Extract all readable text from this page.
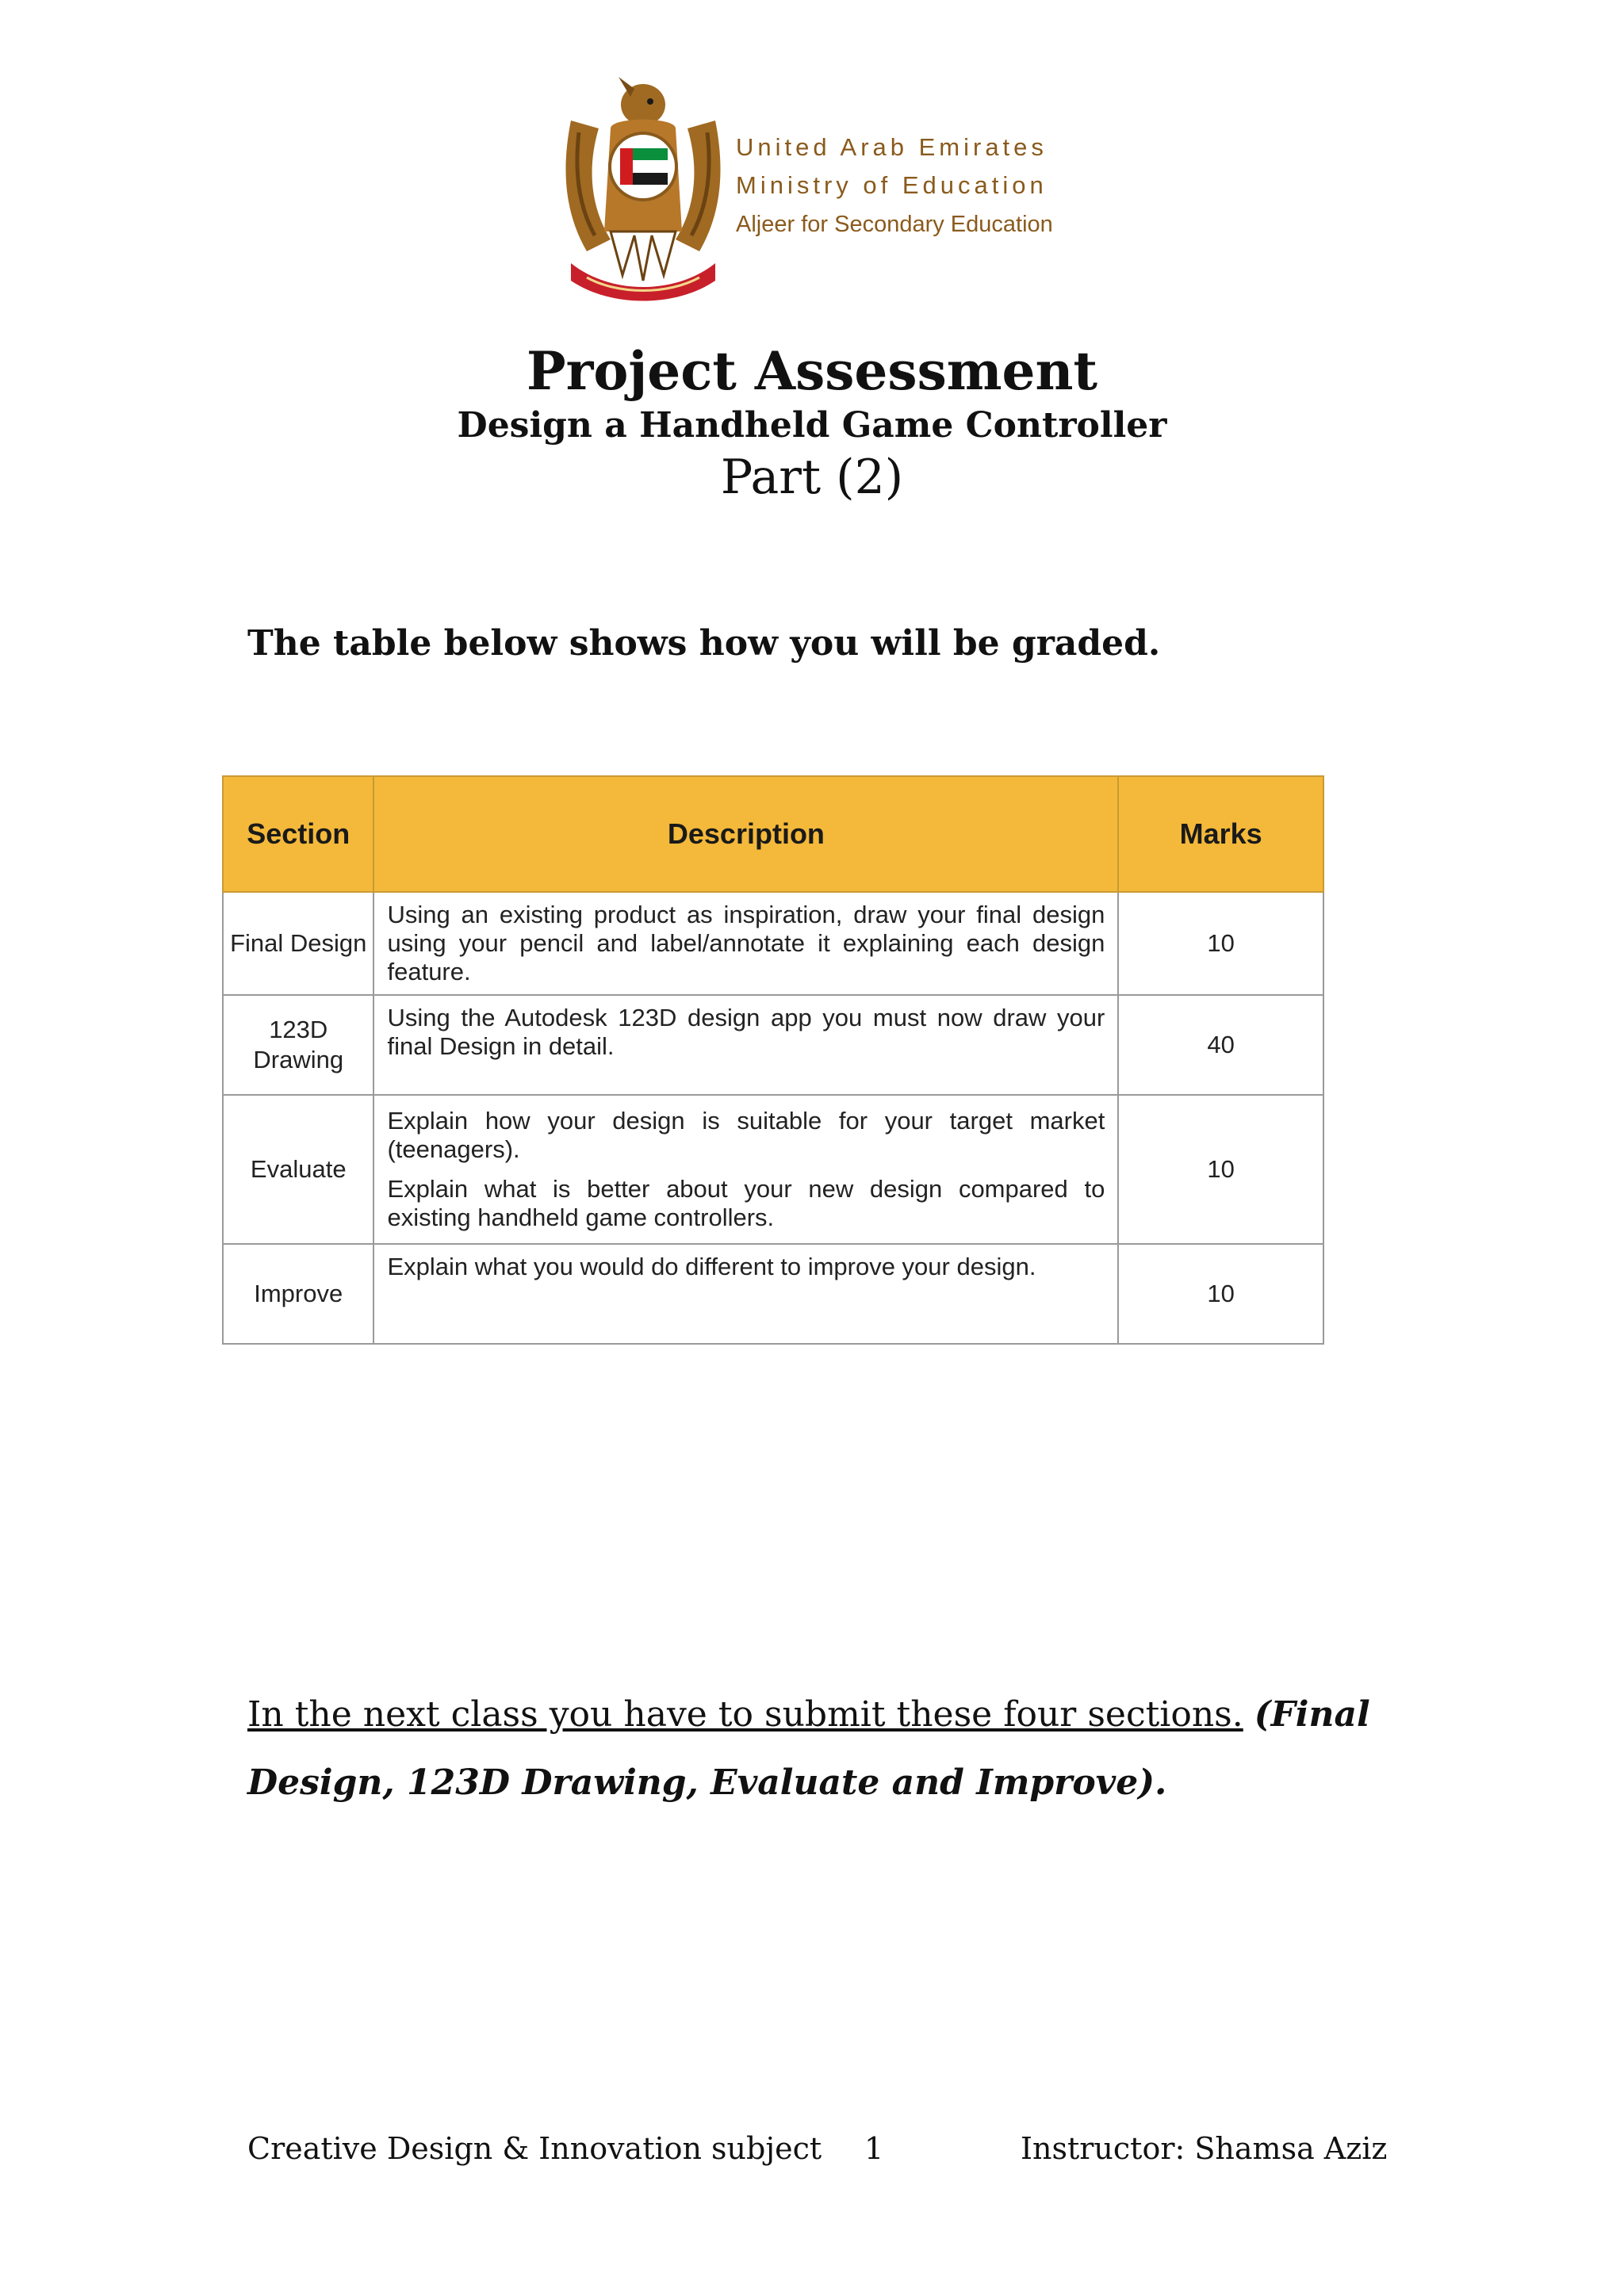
United Arab Emirates
Ministry of Education
Aljeer for Secondary Education
Project Assessment
Design a Handheld Game Controller
Part (2)
The table below shows how you will be graded.
Section	Description	Marks
Final Design	Using an existing product as inspiration, draw your final design using your pencil and label/annotate it explaining each design feature.	10
123D Drawing	Using the Autodesk 123D design app you must now draw your final Design in detail.	40
Evaluate	Explain how your design is suitable for your target market (teenagers).

Explain what is better about your new design compared to existing handheld game controllers.	10
Improve	Explain what you would do different to improve your design.	10
In the next class you have to submit these four sections. (Final Design, 123D Drawing, Evaluate and Improve).
Creative Design & Innovation subject 1	Instructor: Shamsa Aziz
